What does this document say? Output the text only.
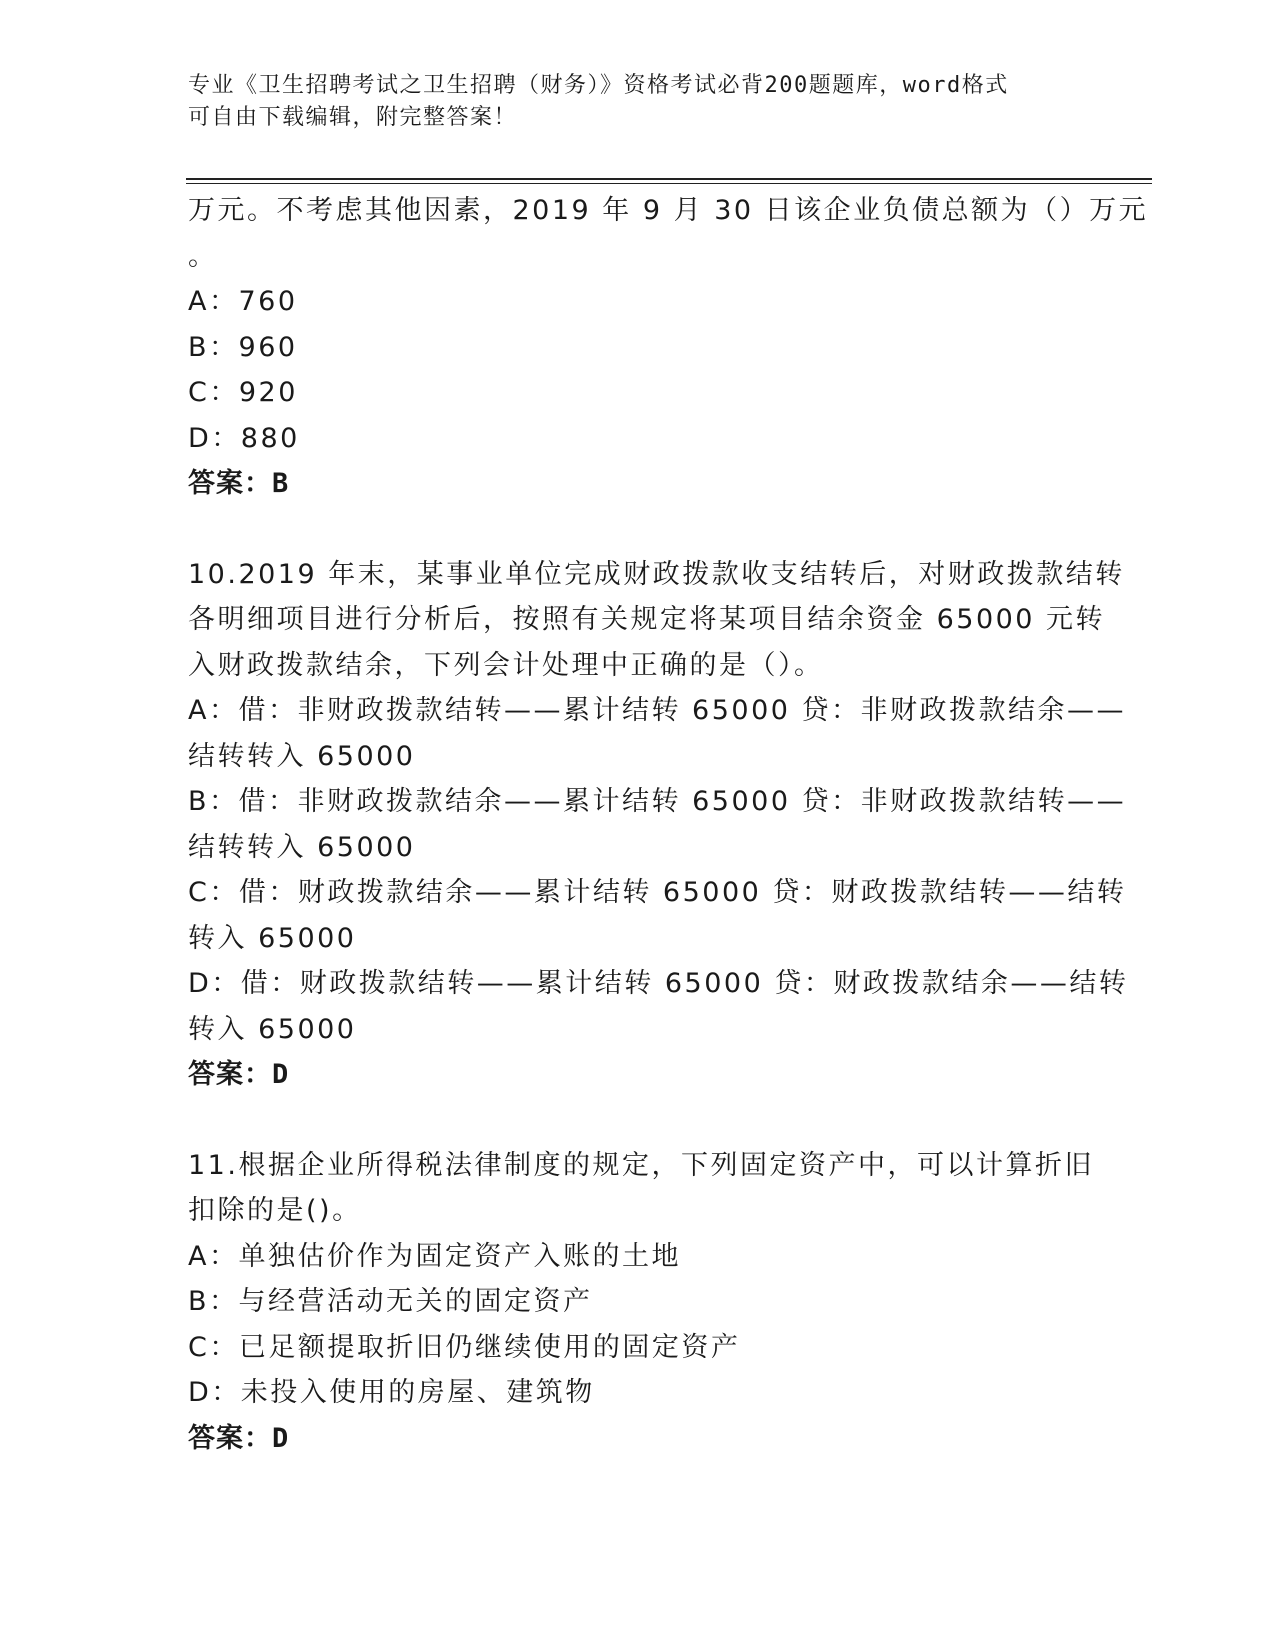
专业《卫生招聘考试之卫生招聘（财务）》资格考试必背200题题库，word格式
可自由下载编辑，附完整答案！
万元。不考虑其他因素，2019 年 9 月 30 日该企业负债总额为（）万元
。
A：760
B：960
C：920
D：880
答案：B
10.2019 年末，某事业单位完成财政拨款收支结转后，对财政拨款结转
各明细项目进行分析后，按照有关规定将某项目结余资金 65000 元转
入财政拨款结余，下列会计处理中正确的是（）。
A：借：非财政拨款结转——累计结转 65000 贷：非财政拨款结余——
结转转入 65000
B：借：非财政拨款结余——累计结转 65000 贷：非财政拨款结转——
结转转入 65000
C：借：财政拨款结余——累计结转 65000 贷：财政拨款结转——结转
转入 65000
D：借：财政拨款结转——累计结转 65000 贷：财政拨款结余——结转
转入 65000
答案：D
11.根据企业所得税法律制度的规定，下列固定资产中，可以计算折旧
扣除的是()。
A：单独估价作为固定资产入账的土地
B：与经营活动无关的固定资产
C：已足额提取折旧仍继续使用的固定资产
D：未投入使用的房屋、建筑物
答案：D
